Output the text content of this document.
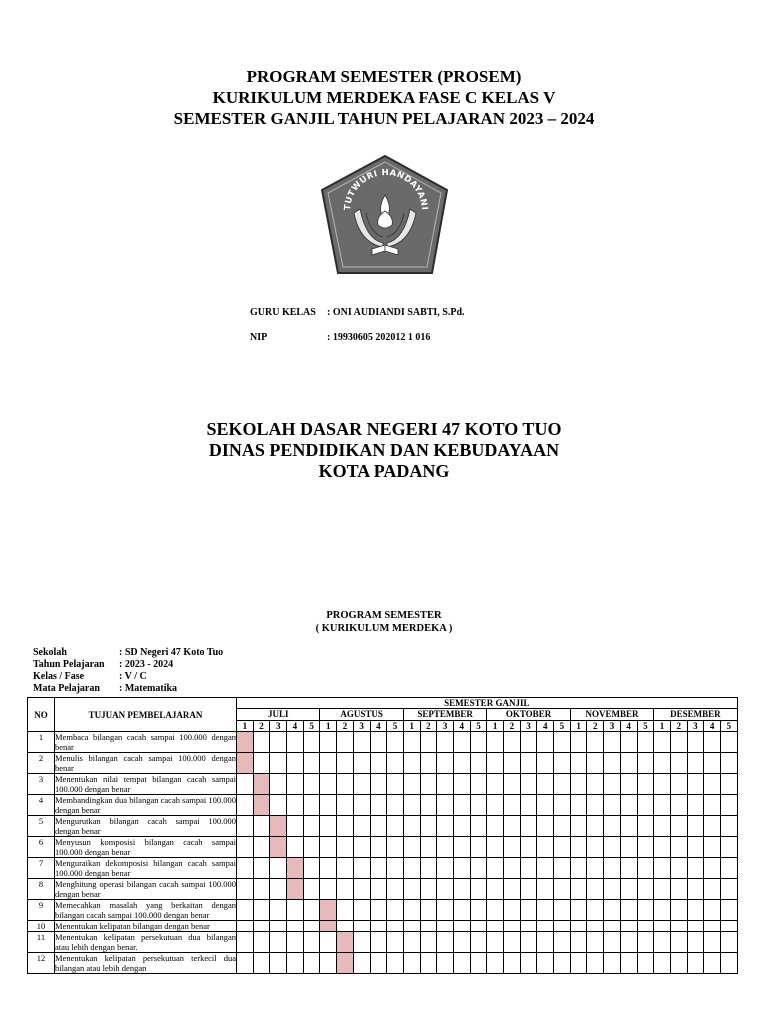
PROGRAM SEMESTER (PROSEM)
KURIKULUM MERDEKA FASE C KELAS V
SEMESTER GANJIL TAHUN PELAJARAN 2023 – 2024
TUTWURI HANDAYANI
GURU KELAS : ONI AUDIANDI SABTI, S.Pd.
NIP	: 19930605 202012 1 016
SEKOLAH DASAR NEGERI 47 KOTO TUO
DINAS PENDIDIKAN DAN KEBUDAYAAN
KOTA PADANG
PROGRAM SEMESTER
( KURIKULUM MERDEKA )
Sekolah	: SD Negeri 47 Koto Tuo
Tahun Pelajaran : 2023 - 2024
Kelas / Fase	: V / C
Mata Pelajaran : Matematika
NO	TUJUAN PEMBELAJARAN	SEMESTER GANJIL																													
		JULI					AGUSTUS					SEPTEMBER					OKTOBER					NOVEMBER					DESEMBER				
		1	2	3	4	5	1	2	3	4	5	1	2	3	4	5	1	2	3	4	5	1	2	3	4	5	1	2	3	4	5
1	Membaca bilangan cacah sampai 100.000 dengan benar																														
2	Menulis bilangan cacah sampai 100.000 dengan benar																														
3	Menentukan nilai tempat bilangan cacah sampai 100.000 dengan benar																														
4	Membandingkan dua bilangan cacah sampai 100.000 dengan benar																														
5	Mengurutkan bilangan cacah sampai 100.000 dengan benar																														
6	Menyusun komposisi bilangan cacah sampai 100.000 dengan benar																														
7	Menguraikan dekomposisi bilangan cacah sampai 100.000 dengan benar																														
8	Menghitung operasi bilangan cacah sampai 100.000 dengan benar																														
9	Memecahkan masalah yang berkaitan dengan bilangan cacah sampai 100.000 dengan benar																														
10	Menentukan kelipatan bilangan dengan benar																														
11	Menentukan kelipatan persekutuan dua bilangan atau lebih dengan benar.																														
12	Menentukan kelipatan persekutuan terkecil dua bilangan atau lebih dengan																														
